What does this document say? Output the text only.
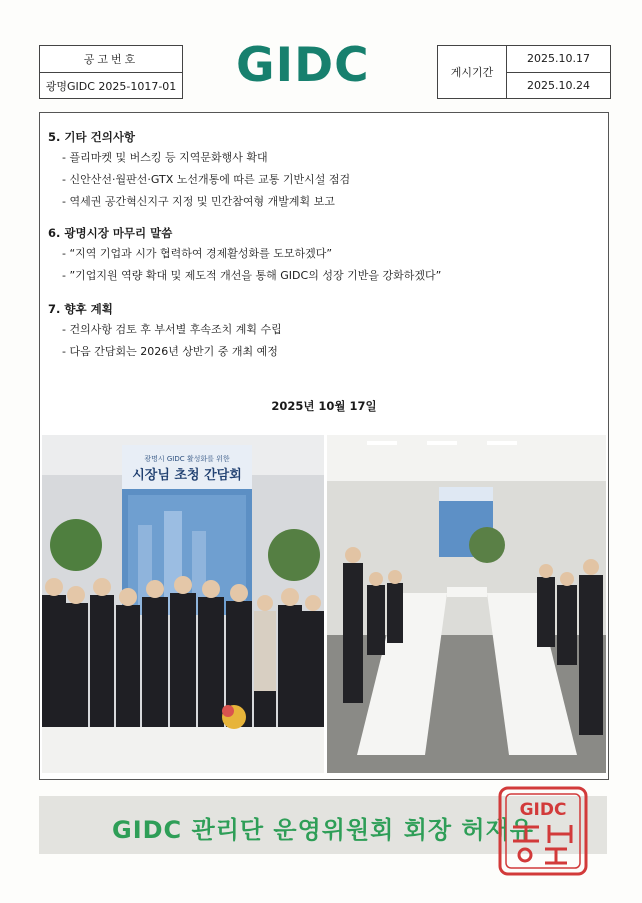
공고번호
광명GIDC 2025-1017-01 GIDC	게시기간
2025.10.17
2025.10.24
5. 기타 건의사항
- 플리마켓 및 버스킹 등 지역문화행사 확대
- 신안산선·월판선·GTX 노선개통에 따른 교통 기반시설 점검
- 역세권 공간혁신지구 지정 및 민간참여형 개발계획 보고
6. 광명시장 마무리 말씀
- “지역 기업과 시가 협력하여 경제활성화를 도모하겠다”
- ”기업지원 역량 확대 및 제도적 개선을 통해 GIDC의 성장 기반을 강화하겠다”
7. 향후 계획
- 건의사항 검토 후 부서별 후속조치 계획 수립
- 다음 간담회는 2026년 상반기 중 개최 예정
2025년 10월 17일
광명시 GIDC 활성화를 위한
시장님 초청 간담회
GIDC 관리단 운영위원회 회장 허재유
GIDC
